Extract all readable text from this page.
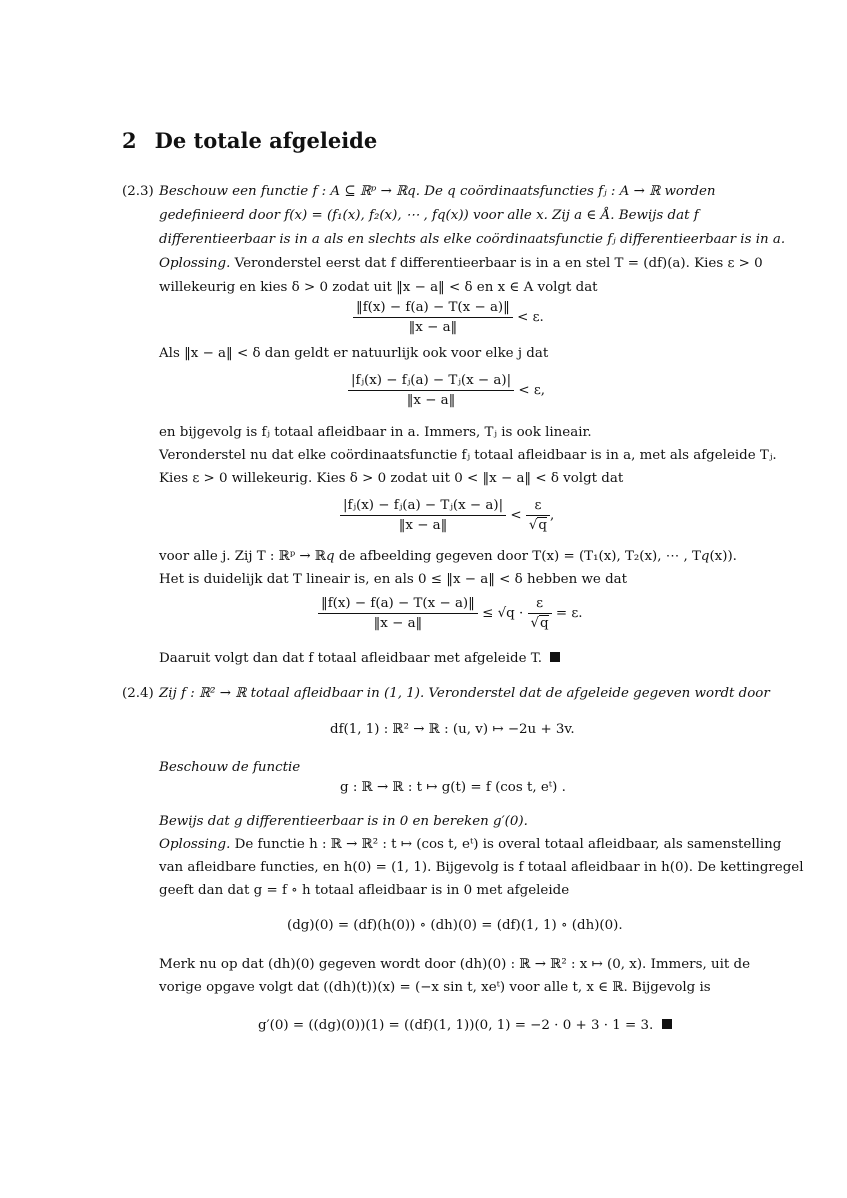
2 De totale afgeleide
(2.3) Beschouw een functie f : A ⊆ ℝᵖ → ℝ𝑞. De q coördinaatsfuncties fⱼ : A → ℝ worden
gedefinieerd door f(x) = (f₁(x), f₂(x), ⋯ , f𝑞(x)) voor alle x. Zij a ∈ Å. Bewijs dat f
differentieerbaar is in a als en slechts als elke coördinaatsfunctie fⱼ differentieerbaar is in a.
Oplossing. Veronderstel eerst dat f differentieerbaar is in a en stel T = (df)(a). Kies ε > 0
willekeurig en kies δ > 0 zodat uit ‖x − a‖ < δ en x ∈ A volgt dat
$\frac{‖f(x) - f(a) - T(x - a)‖}{‖x - a‖} < \varepsilon$.
Als ‖x − a‖ < δ dan geldt er natuurlijk ook voor elke j dat
$\frac{\text{|fⱼ(x) − fⱼ(a) − Tⱼ(x − a)|}}{‖x - a‖} < \varepsilon$,
en bijgevolg is fⱼ totaal afleidbaar in a. Immers, Tⱼ is ook lineair.
Veronderstel nu dat elke coördinaatsfunctie fⱼ totaal afleidbaar is in a, met als afgeleide Tⱼ.
Kies ε > 0 willekeurig. Kies δ > 0 zodat uit 0 < ‖x − a‖ < δ volgt dat
$\frac{\text{|fⱼ(x) − fⱼ(a) − Tⱼ(x − a)|}}{‖x - a‖} < \frac{\varepsilon}{√q}$ ,
voor alle j. Zij T : ℝᵖ → ℝ𝑞 de afbeelding gegeven door T(x) = (T₁(x), T₂(x), ⋯ , T𝑞(x)).
Het is duidelijk dat T lineair is, en als 0 ≤ ‖x − a‖ < δ hebben we dat
$\frac{‖f(x) - f(a) - T(x - a)‖}{‖x - a‖} \le √q \cdot \frac{\varepsilon}{√q} = \varepsilon$.
Daaruit volgt dan dat f totaal afleidbaar met afgeleide T.
(2.4) Zij f : ℝ² → ℝ totaal afleidbaar in (1, 1). Veronderstel dat de afgeleide gegeven wordt door
df(1, 1) : ℝ² → ℝ : (u, v) ↦ −2u + 3v.
Beschouw de functie
g : ℝ → ℝ : t ↦ g(t) = f (cos t, eᵗ) .
Bewijs dat g differentieerbaar is in 0 en bereken g′(0).
Oplossing. De functie h : ℝ → ℝ² : t ↦ (cos t, eᵗ) is overal totaal afleidbaar, als samenstelling
van afleidbare functies, en h(0) = (1, 1). Bijgevolg is f totaal afleidbaar in h(0). De kettingregel
geeft dan dat g = f ∘ h totaal afleidbaar is in 0 met afgeleide
(dg)(0) = (df)(h(0)) ∘ (dh)(0) = (df)(1, 1) ∘ (dh)(0).
Merk nu op dat (dh)(0) gegeven wordt door (dh)(0) : ℝ → ℝ² : x ↦ (0, x). Immers, uit de
vorige opgave volgt dat ((dh)(t))(x) = (−x sin t, xeᵗ) voor alle t, x ∈ ℝ. Bijgevolg is
g′(0) = ((dg)(0))(1) = ((df)(1, 1))(0, 1) = −2 · 0 + 3 · 1 = 3.
